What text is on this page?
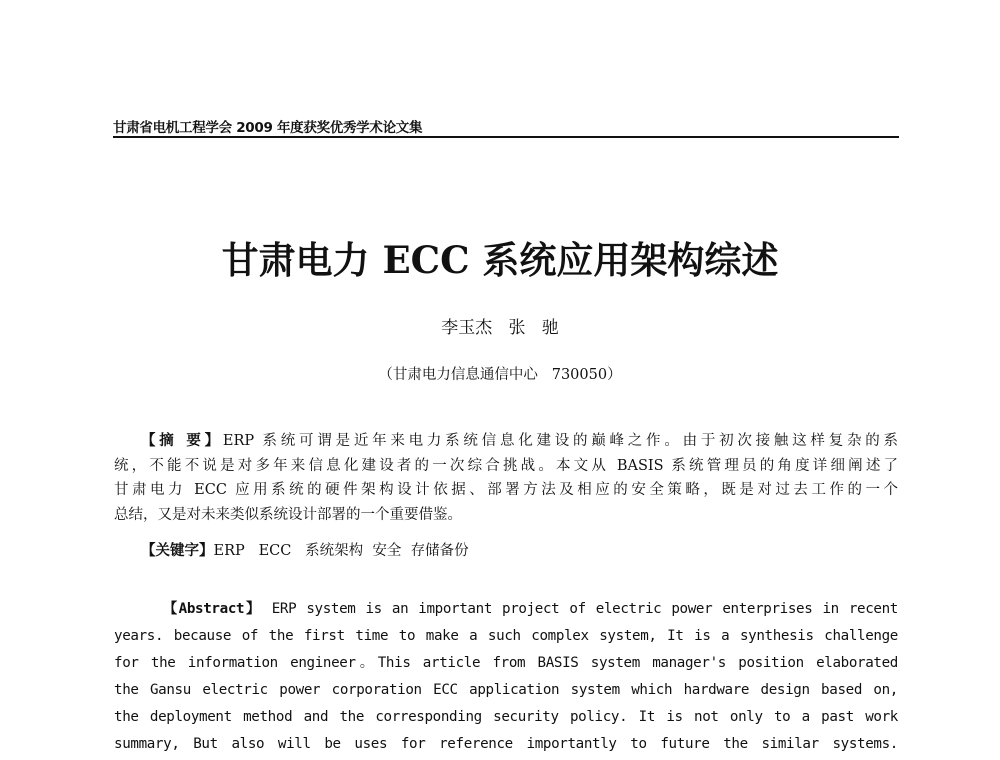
甘肃省电机工程学会 2009 年度获奖优秀学术论文集
甘肃电力 ECC 系统应用架构综述
李玉杰   张   驰
（甘肃电力信息通信中心   730050）
【摘 要】ERP 系统可谓是近年来电力系统信息化建设的巅峰之作。由于初次接触这样复杂的系
统，不能不说是对多年来信息化建设者的一次综合挑战。本文从 BASIS 系统管理员的角度详细阐述了
甘肃电力 ECC 应用系统的硬件架构设计依据、部署方法及相应的安全策略，既是对过去工作的一个
总结，又是对未来类似系统设计部署的一个重要借鉴。
【关键字】ERP   ECC   系统架构  安全  存储备份
【Abstract】 ERP system is an important project of electric power enterprises in recent
years. because of the first time to make a such complex system, It is a synthesis challenge
for the information engineer。This article from BASIS system manager's position elaborated
the Gansu electric power corporation ECC application system which hardware design based on,
the deployment method and the corresponding security policy. It is not only to a past work
summary, But also will be uses for reference importantly to future the similar systems.
